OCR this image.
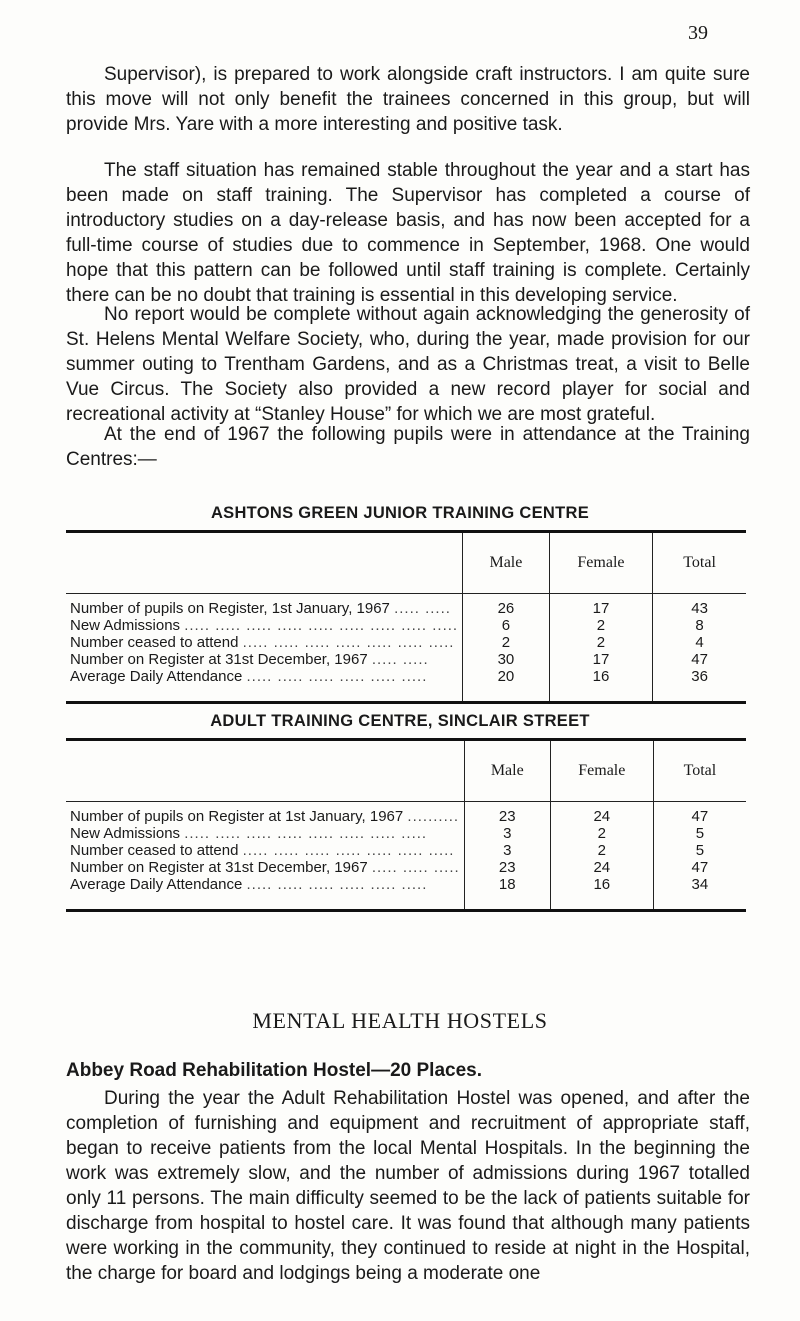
39

Supervisor), is prepared to work alongside craft instructors. I am quite sure this move will not only benefit the trainees concerned in this group, but will provide Mrs. Yare with a more interesting and positive task.

The staff situation has remained stable throughout the year and a start has been made on staff training. The Supervisor has completed a course of introductory studies on a day-release basis, and has now been accepted for a full-time course of studies due to commence in September, 1968. One would hope that this pattern can be followed until staff training is complete. Certainly there can be no doubt that training is essential in this developing service.

No report would be complete without again acknowledging the generosity of St. Helens Mental Welfare Society, who, during the year, made provision for our summer outing to Trentham Gardens, and as a Christmas treat, a visit to Belle Vue Circus. The Society also provided a new record player for social and recreational activity at “Stanley House” for which we are most grateful.

At the end of 1967 the following pupils were in attendance at the Training Centres:—

ASHTONS GREEN JUNIOR TRAINING CENTRE
	Male	Female	Total
Number of pupils on Register, 1st January, 1967 ..... .....	26	17	43
New Admissions ..... ..... ..... ..... ..... ..... ..... ..... .....	6	2	8
Number ceased to attend ..... ..... ..... ..... ..... ..... .....	2	2	4
Number on Register at 31st December, 1967 ..... .....	30	17	47
Average Daily Attendance ..... ..... ..... ..... ..... .....	20	16	36
ADULT TRAINING CENTRE, SINCLAIR STREET
	Male	Female	Total
Number of pupils on Register at 1st January, 1967 ..........	23	24	47
New Admissions ..... ..... ..... ..... ..... ..... ..... .....	3	2	5
Number ceased to attend ..... ..... ..... ..... ..... ..... .....	3	2	5
Number on Register at 31st December, 1967 ..... ..... .....	23	24	47
Average Daily Attendance ..... ..... ..... ..... ..... .....	18	16	34
MENTAL HEALTH HOSTELS
Abbey Road Rehabilitation Hostel—20 Places.

During the year the Adult Rehabilitation Hostel was opened, and after the completion of furnishing and equipment and recruitment of appropriate staff, began to receive patients from the local Mental Hospitals. In the beginning the work was extremely slow, and the number of admissions during 1967 totalled only 11 persons. The main difficulty seemed to be the lack of patients suitable for discharge from hospital to hostel care. It was found that although many patients were working in the community, they continued to reside at night in the Hospital, the charge for board and lodgings being a moderate one
